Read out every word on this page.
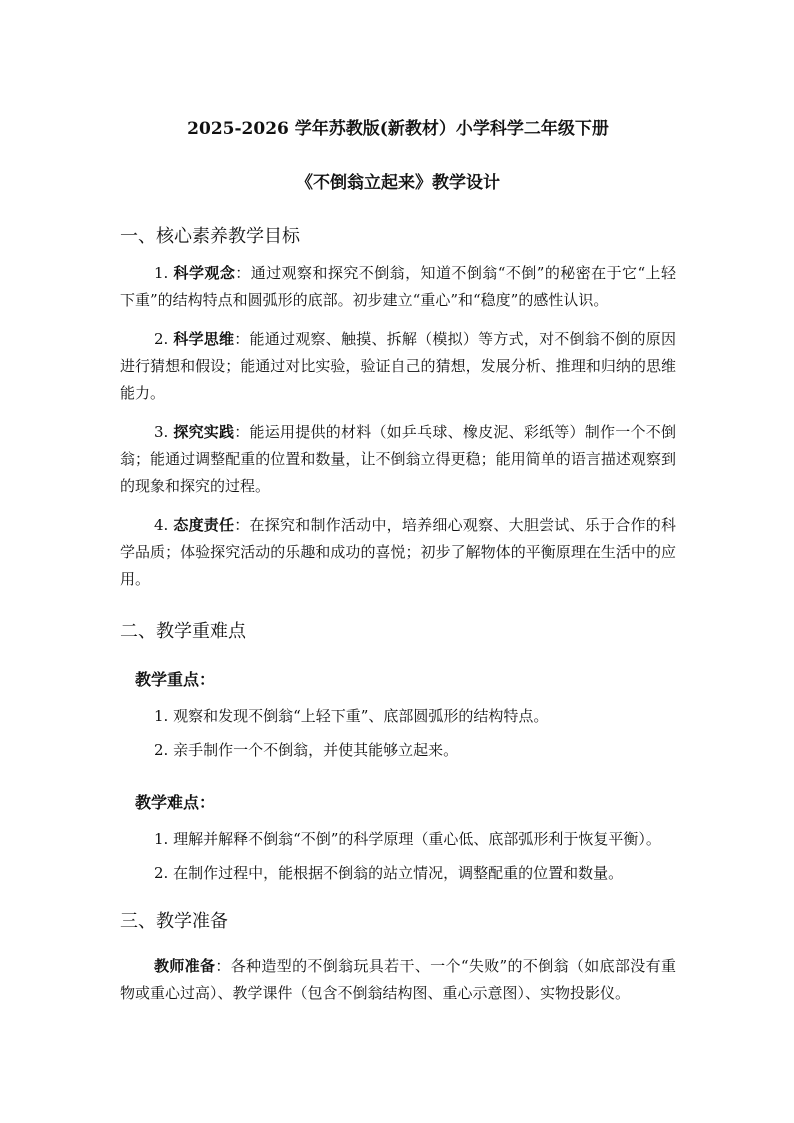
2025-2026 学年苏教版(新教材）小学科学二年级下册
《不倒翁立起来》教学设计
一、核心素养教学目标

1. 科学观念：通过观察和探究不倒翁，知道不倒翁“不倒”的秘密在于它“上轻下重”的结构特点和圆弧形的底部。初步建立“重心”和“稳度”的感性认识。

2. 科学思维：能通过观察、触摸、拆解（模拟）等方式，对不倒翁不倒的原因进行猜想和假设；能通过对比实验，验证自己的猜想，发展分析、推理和归纳的思维能力。

3. 探究实践：能运用提供的材料（如乒乓球、橡皮泥、彩纸等）制作一个不倒翁；能通过调整配重的位置和数量，让不倒翁立得更稳；能用简单的语言描述观察到的现象和探究的过程。

4. 态度责任：在探究和制作活动中，培养细心观察、大胆尝试、乐于合作的科学品质；体验探究活动的乐趣和成功的喜悦；初步了解物体的平衡原理在生活中的应用。

二、教学重难点
教学重点：

1. 观察和发现不倒翁“上轻下重”、底部圆弧形的结构特点。

2. 亲手制作一个不倒翁，并使其能够立起来。

教学难点：

1. 理解并解释不倒翁“不倒”的科学原理（重心低、底部弧形利于恢复平衡）。

2. 在制作过程中，能根据不倒翁的站立情况，调整配重的位置和数量。

三、教学准备

教师准备：各种造型的不倒翁玩具若干、一个“失败”的不倒翁（如底部没有重物或重心过高）、教学课件（包含不倒翁结构图、重心示意图）、实物投影仪。
